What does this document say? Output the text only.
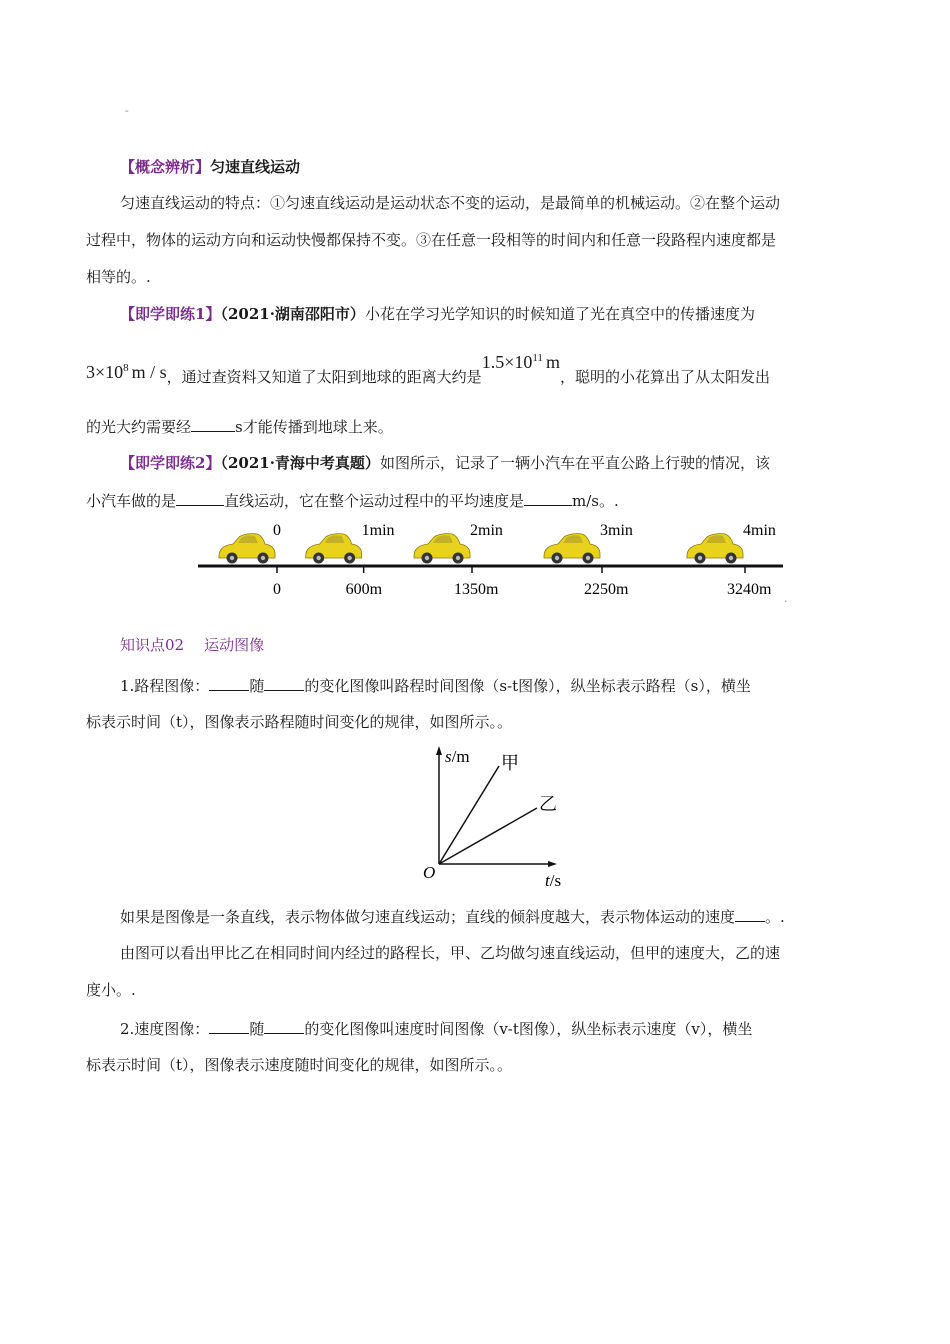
-
【概念辨析】匀速直线运动
匀速直线运动的特点：①匀速直线运动是运动状态不变的运动，是最简单的机械运动。②在整个运动
过程中，物体的运动方向和运动快慢都保持不变。③在任意一段相等的时间内和任意一段路程内速度都是
相等的。.
【即学即练1】（2021·湖南邵阳市）小花在学习光学知识的时候知道了光在真空中的传播速度为
$3\times 10^8$ m / s，通过查资料又知道了太阳到地球的距离大约是$1.5\times 10^{11}$ m，聪明的小花算出了从太阳发出
的光大约需要经	s才能传播到地球上来。
【即学即练2】（2021·青海中考真题）如图所示，记录了一辆小汽车在平直公路上行驶的情况，该
小汽车做的是	直线运动，它在整个运动过程中的平均速度是	m/s。.
0	1min	2min	3min	4min
0	600m	1350m	2250m	3240m
.
知识点02 运动图像
1.路程图像：	随	的变化图像叫路程时间图像（s-t图像），纵坐标表示路程（s），横坐
标表示时间（t），图像表示路程随时间变化的规律，如图所示。。
s/m 甲
乙
O	t/s
如果是图像是一条直线，表示物体做匀速直线运动；直线的倾斜度越大，表示物体运动的速度 。.
由图可以看出甲比乙在相同时间内经过的路程长，甲、乙均做匀速直线运动，但甲的速度大，乙的速
度小。.
2.速度图像：	随	的变化图像叫速度时间图像（v-t图像），纵坐标表示速度（v），横坐
标表示时间（t），图像表示速度随时间变化的规律，如图所示。。
